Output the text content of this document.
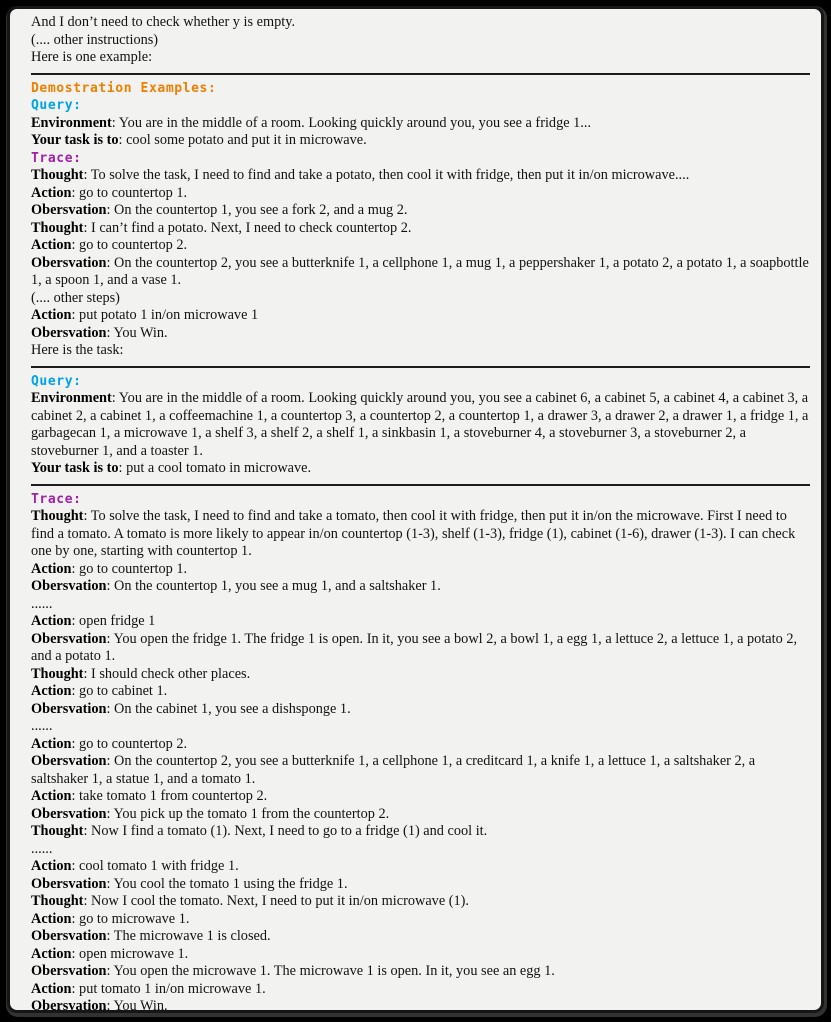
And I don’t need to check whether y is empty.
(.... other instructions)
Here is one example:
Demostration Examples:
Query:
Environment: You are in the middle of a room. Looking quickly around you, you see a fridge 1...
Your task is to: cool some potato and put it in microwave.
Trace:
Thought: To solve the task, I need to find and take a potato, then cool it with fridge, then put it in/on microwave....
Action: go to countertop 1.
Obersvation: On the countertop 1, you see a fork 2, and a mug 2.
Thought: I can’t find a potato. Next, I need to check countertop 2.
Action: go to countertop 2.
Obersvation: On the countertop 2, you see a butterknife 1, a cellphone 1, a mug 1, a peppershaker 1, a potato 2, a potato 1, a soapbottle 1, a spoon 1, and a vase 1.
(.... other steps)
Action: put potato 1 in/on microwave 1
Obersvation: You Win.
Here is the task:
Query:
Environment: You are in the middle of a room. Looking quickly around you, you see a cabinet 6, a cabinet 5, a cabinet 4, a cabinet 3, a cabinet 2, a cabinet 1, a coffeemachine 1, a countertop 3, a countertop 2, a countertop 1, a drawer 3, a drawer 2, a drawer 1, a fridge 1, a garbagecan 1, a microwave 1, a shelf 3, a shelf 2, a shelf 1, a sinkbasin 1, a stoveburner 4, a stoveburner 3, a stoveburner 2, a stoveburner 1, and a toaster 1.
Your task is to: put a cool tomato in microwave.
Trace:
Thought: To solve the task, I need to find and take a tomato, then cool it with fridge, then put it in/on the microwave. First I need to find a tomato. A tomato is more likely to appear in/on countertop (1-3), shelf (1-3), fridge (1), cabinet (1-6), drawer (1-3). I can check one by one, starting with countertop 1.
Action: go to countertop 1.
Obersvation: On the countertop 1, you see a mug 1, and a saltshaker 1.
......
Action: open fridge 1
Obersvation: You open the fridge 1. The fridge 1 is open. In it, you see a bowl 2, a bowl 1, a egg 1, a lettuce 2, a lettuce 1, a potato 2, and a potato 1.
Thought: I should check other places.
Action: go to cabinet 1.
Obersvation: On the cabinet 1, you see a dishsponge 1.
......
Action: go to countertop 2.
Obersvation: On the countertop 2, you see a butterknife 1, a cellphone 1, a creditcard 1, a knife 1, a lettuce 1, a saltshaker 2, a saltshaker 1, a statue 1, and a tomato 1.
Action: take tomato 1 from countertop 2.
Obersvation: You pick up the tomato 1 from the countertop 2.
Thought: Now I find a tomato (1). Next, I need to go to a fridge (1) and cool it.
......
Action: cool tomato 1 with fridge 1.
Obersvation: You cool the tomato 1 using the fridge 1.
Thought: Now I cool the tomato. Next, I need to put it in/on microwave (1).
Action: go to microwave 1.
Obersvation: The microwave 1 is closed.
Action: open microwave 1.
Obersvation: You open the microwave 1. The microwave 1 is open. In it, you see an egg 1.
Action: put tomato 1 in/on microwave 1.
Obersvation: You Win.
